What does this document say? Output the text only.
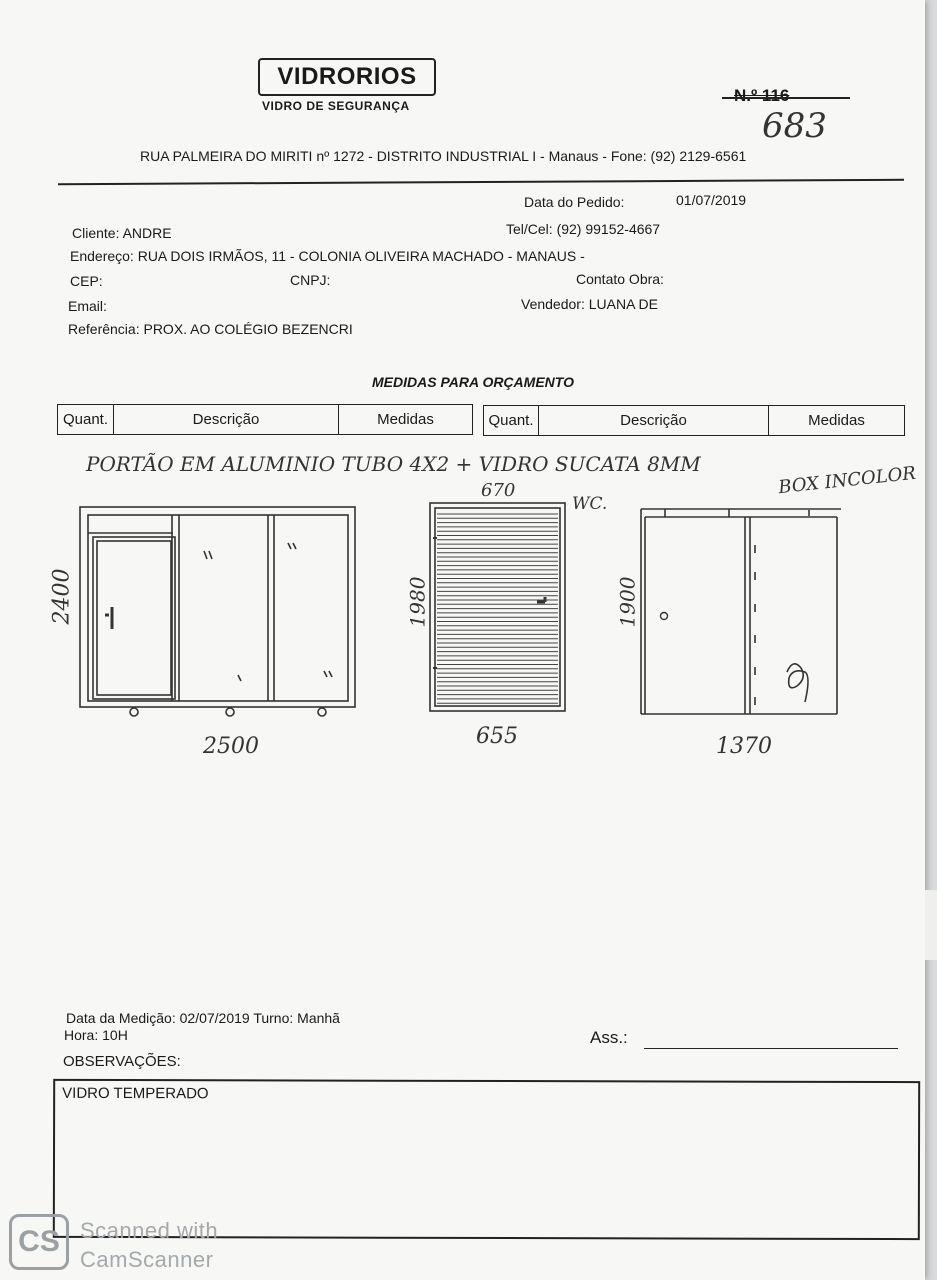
VIDRORIOS
VIDRO DE SEGURANÇA
N.º 116
683
RUA PALMEIRA DO MIRITI nº 1272 - DISTRITO INDUSTRIAL I - Manaus - Fone: (92) 2129-6561
Data do Pedido:	01/07/2019
Cliente: ANDRE	Tel/Cel: (92) 99152-4667
Endereço: RUA DOIS IRMÃOS, 11 - COLONIA OLIVEIRA MACHADO - MANAUS -
CEP:	CNPJ:	Contato Obra:
Email:	Vendedor: LUANA DE
Referência: PROX. AO COLÉGIO BEZENCRI
MEDIDAS PARA ORÇAMENTO
Quant.	Descrição	Medidas	Quant.	Descrição	Medidas
PORTÃO EM ALUMINIO TUBO 4X2 + VIDRO SUCATA 8MM	BOX INCOLOR
WC.
2400
2500
670
1980
655
1900
1370
Data da Medição: 02/07/2019 Turno: Manhã
Hora: 10H	Ass.:
OBSERVAÇÕES:
VIDRO TEMPERADO
CS Scanned with
CamScanner
